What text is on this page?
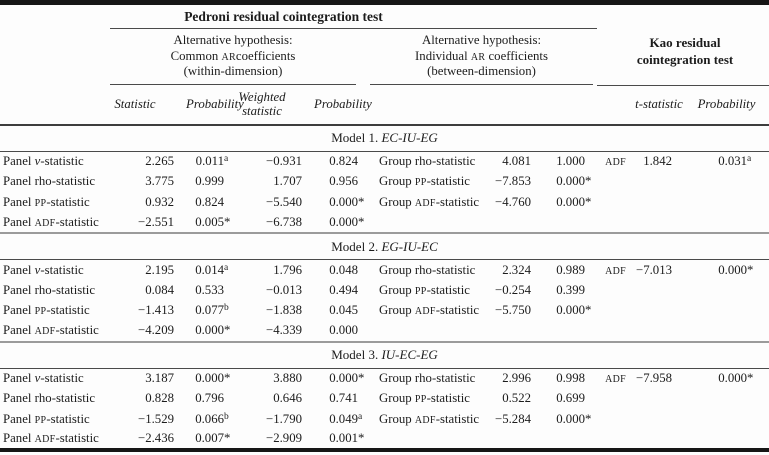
	Pedroni residual cointegration test							Kao residual
cointegration test		

	Alternative hypothesis:
Common ARcoefficients
(within-dimension)				Alternative hypothesis:
Individual AR coefficients
(between-dimension)					

	Statistic	Probability	Weighted statistic	Probability					t-statistic	Probability
Model 1. EC-IU-EG										
Panel v-statistic	2.265	0.011$^a$	−0.931	0.824	Group rho-statistic	4.081	1.000	ADF	1.842	0.031$^a$
Panel rho-statistic	3.775	0.999	1.707	0.956	Group PP-statistic	−7.853	0.000*			
Panel PP-statistic	0.932	0.824	−5.540	0.000*	Group ADF-statistic	−4.760	0.000*			
Panel ADF-statistic	−2.551	0.005*	−6.738	0.000*						
Model 2. EG-IU-EC										
Panel v-statistic	2.195	0.014$^a$	1.796	0.048	Group rho-statistic	2.324	0.989	ADF	−7.013	0.000*
Panel rho-statistic	0.084	0.533	−0.013	0.494	Group PP-statistic	−0.254	0.399			
Panel PP-statistic	−1.413	0.077$^b$	−1.838	0.045	Group ADF-statistic	−5.750	0.000*			
Panel ADF-statistic	−4.209	0.000*	−4.339	0.000						
Model 3. IU-EC-EG										
Panel v-statistic	3.187	0.000*	3.880	0.000*	Group rho-statistic	2.996	0.998	ADF	−7.958	0.000*
Panel rho-statistic	0.828	0.796	0.646	0.741	Group PP-statistic	0.522	0.699			
Panel PP-statistic	−1.529	0.066$^b$	−1.790	0.049$^a$	Group ADF-statistic	−5.284	0.000*			
Panel ADF-statistic	−2.436	0.007*	−2.909	0.001*						
